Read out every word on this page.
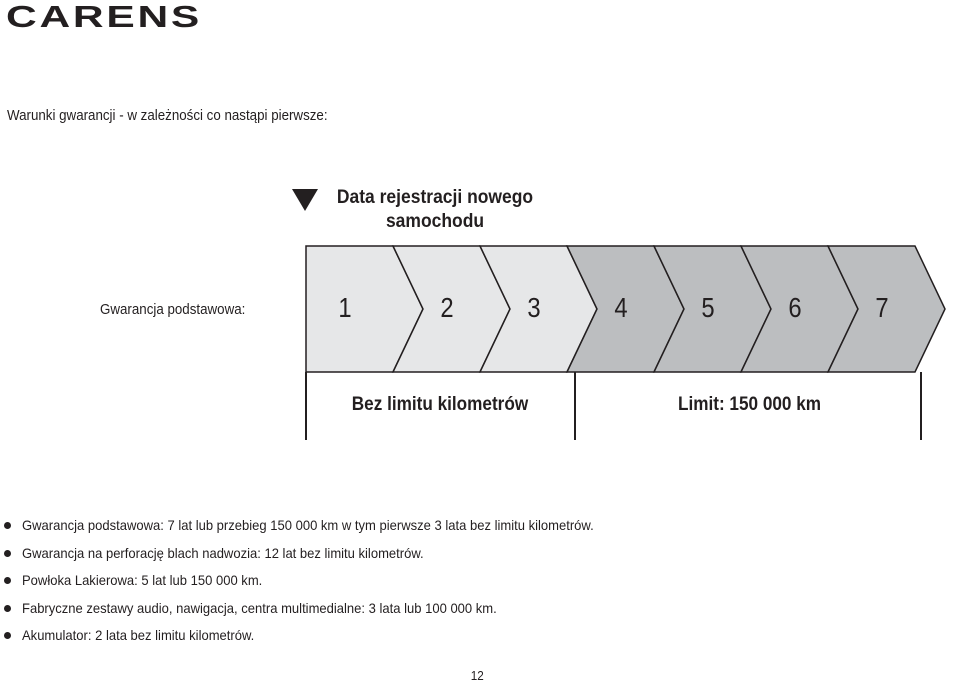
CARENS
Warunki gwarancji - w zależności co nastąpi pierwsze:
Data rejestracji nowego samochodu
Gwarancja podstawowa:	1	2	3	4	5	6	7
Bez limitu kilometrów	Limit: 150 000 km
Gwarancja podstawowa: 7 lat lub przebieg 150 000 km w tym pierwsze 3 lata bez limitu kilometrów.
Gwarancja na perforację blach nadwozia: 12 lat bez limitu kilometrów.
Powłoka Lakierowa: 5 lat lub 150 000 km.
Fabryczne zestawy audio, nawigacja, centra multimedialne: 3 lata lub 100 000 km.
Akumulator: 2 lata bez limitu kilometrów.
12
